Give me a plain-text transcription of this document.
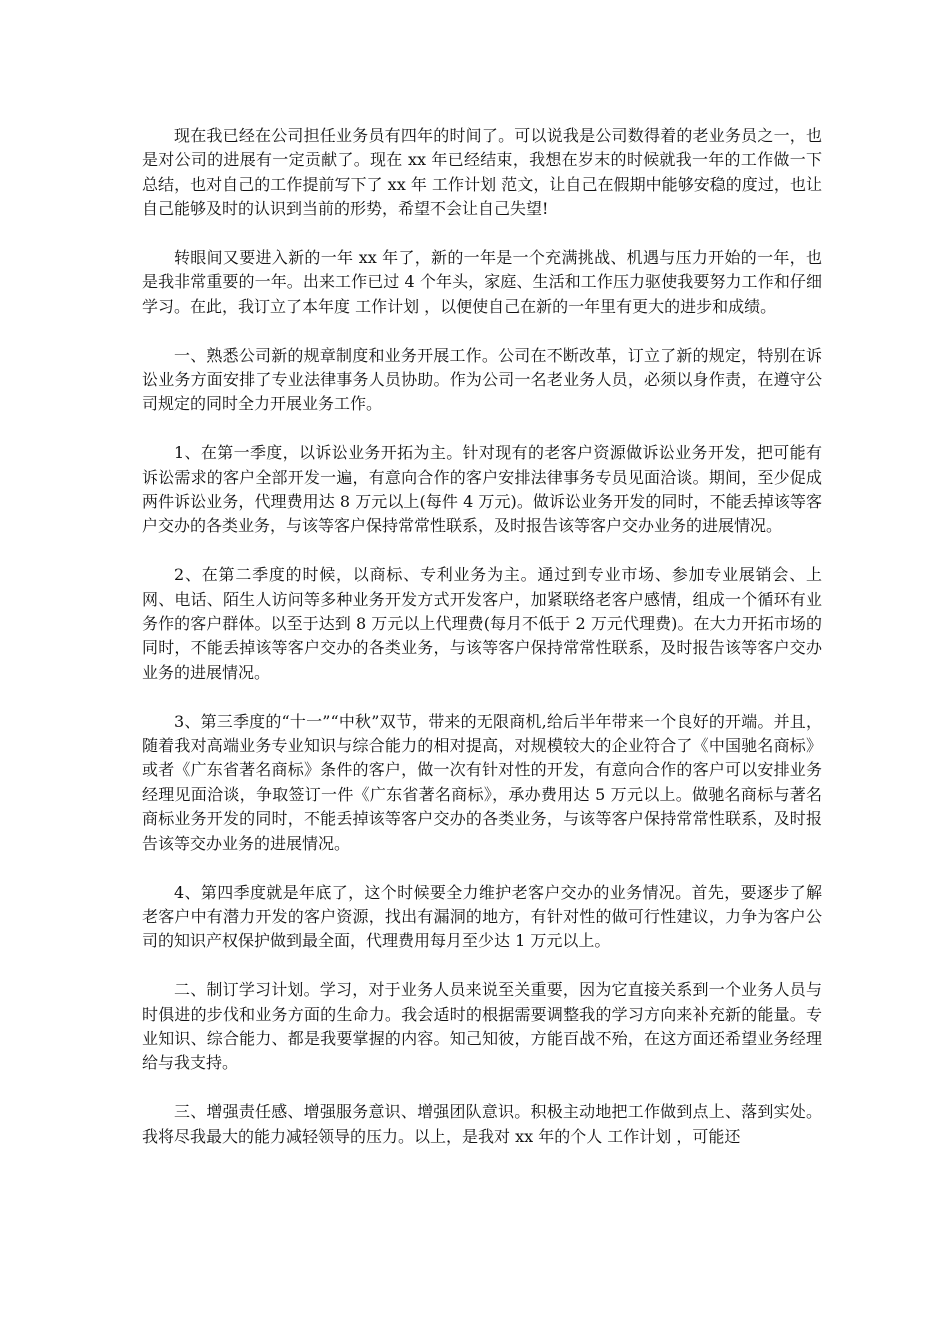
现在我已经在公司担任业务员有四年的时间了。可以说我是公司数得着的老业务员之一，也是对公司的进展有一定贡献了。现在 xx 年已经结束，我想在岁末的时候就我一年的工作做一下总结，也对自己的工作提前写下了 xx 年 工作计划 范文，让自己在假期中能够安稳的度过，也让自己能够及时的认识到当前的形势，希望不会让自己失望!

转眼间又要进入新的一年 xx 年了，新的一年是一个充满挑战、机遇与压力开始的一年，也是我非常重要的一年。出来工作已过 4 个年头，家庭、生活和工作压力驱使我要努力工作和仔细学习。在此，我订立了本年度 工作计划 ，以便使自己在新的一年里有更大的进步和成绩。

一、熟悉公司新的规章制度和业务开展工作。公司在不断改革，订立了新的规定，特别在诉讼业务方面安排了专业法律事务人员协助。作为公司一名老业务人员，必须以身作责，在遵守公司规定的同时全力开展业务工作。

1、在第一季度，以诉讼业务开拓为主。针对现有的老客户资源做诉讼业务开发，把可能有诉讼需求的客户全部开发一遍，有意向合作的客户安排法律事务专员见面洽谈。期间，至少促成两件诉讼业务，代理费用达 8 万元以上(每件 4 万元)。做诉讼业务开发的同时，不能丢掉该等客户交办的各类业务，与该等客户保持常常性联系，及时报告该等客户交办业务的进展情况。

2、在第二季度的时候，以商标、专利业务为主。通过到专业市场、参加专业展销会、上网、电话、陌生人访问等多种业务开发方式开发客户，加紧联络老客户感情，组成一个循环有业务作的客户群体。以至于达到 8 万元以上代理费(每月不低于 2 万元代理费)。在大力开拓市场的同时，不能丢掉该等客户交办的各类业务，与该等客户保持常常性联系，及时报告该等客户交办业务的进展情况。

3、第三季度的“十一”“中秋”双节，带来的无限商机,给后半年带来一个良好的开端。并且，随着我对高端业务专业知识与综合能力的相对提高，对规模较大的企业符合了《中国驰名商标》或者《广东省著名商标》条件的客户，做一次有针对性的开发，有意向合作的客户可以安排业务经理见面洽谈，争取签订一件《广东省著名商标》，承办费用达 5 万元以上。做驰名商标与著名商标业务开发的同时，不能丢掉该等客户交办的各类业务，与该等客户保持常常性联系，及时报告该等交办业务的进展情况。

4、第四季度就是年底了，这个时候要全力维护老客户交办的业务情况。首先，要逐步了解老客户中有潜力开发的客户资源，找出有漏洞的地方，有针对性的做可行性建议，力争为客户公司的知识产权保护做到最全面，代理费用每月至少达 1 万元以上。

二、制订学习计划。学习，对于业务人员来说至关重要，因为它直接关系到一个业务人员与时俱进的步伐和业务方面的生命力。我会适时的根据需要调整我的学习方向来补充新的能量。专业知识、综合能力、都是我要掌握的内容。知己知彼，方能百战不殆，在这方面还希望业务经理给与我支持。

三、增强责任感、增强服务意识、增强团队意识。积极主动地把工作做到点上、落到实处。我将尽我最大的能力减轻领导的压力。以上，是我对 xx 年的个人 工作计划 ，可能还
